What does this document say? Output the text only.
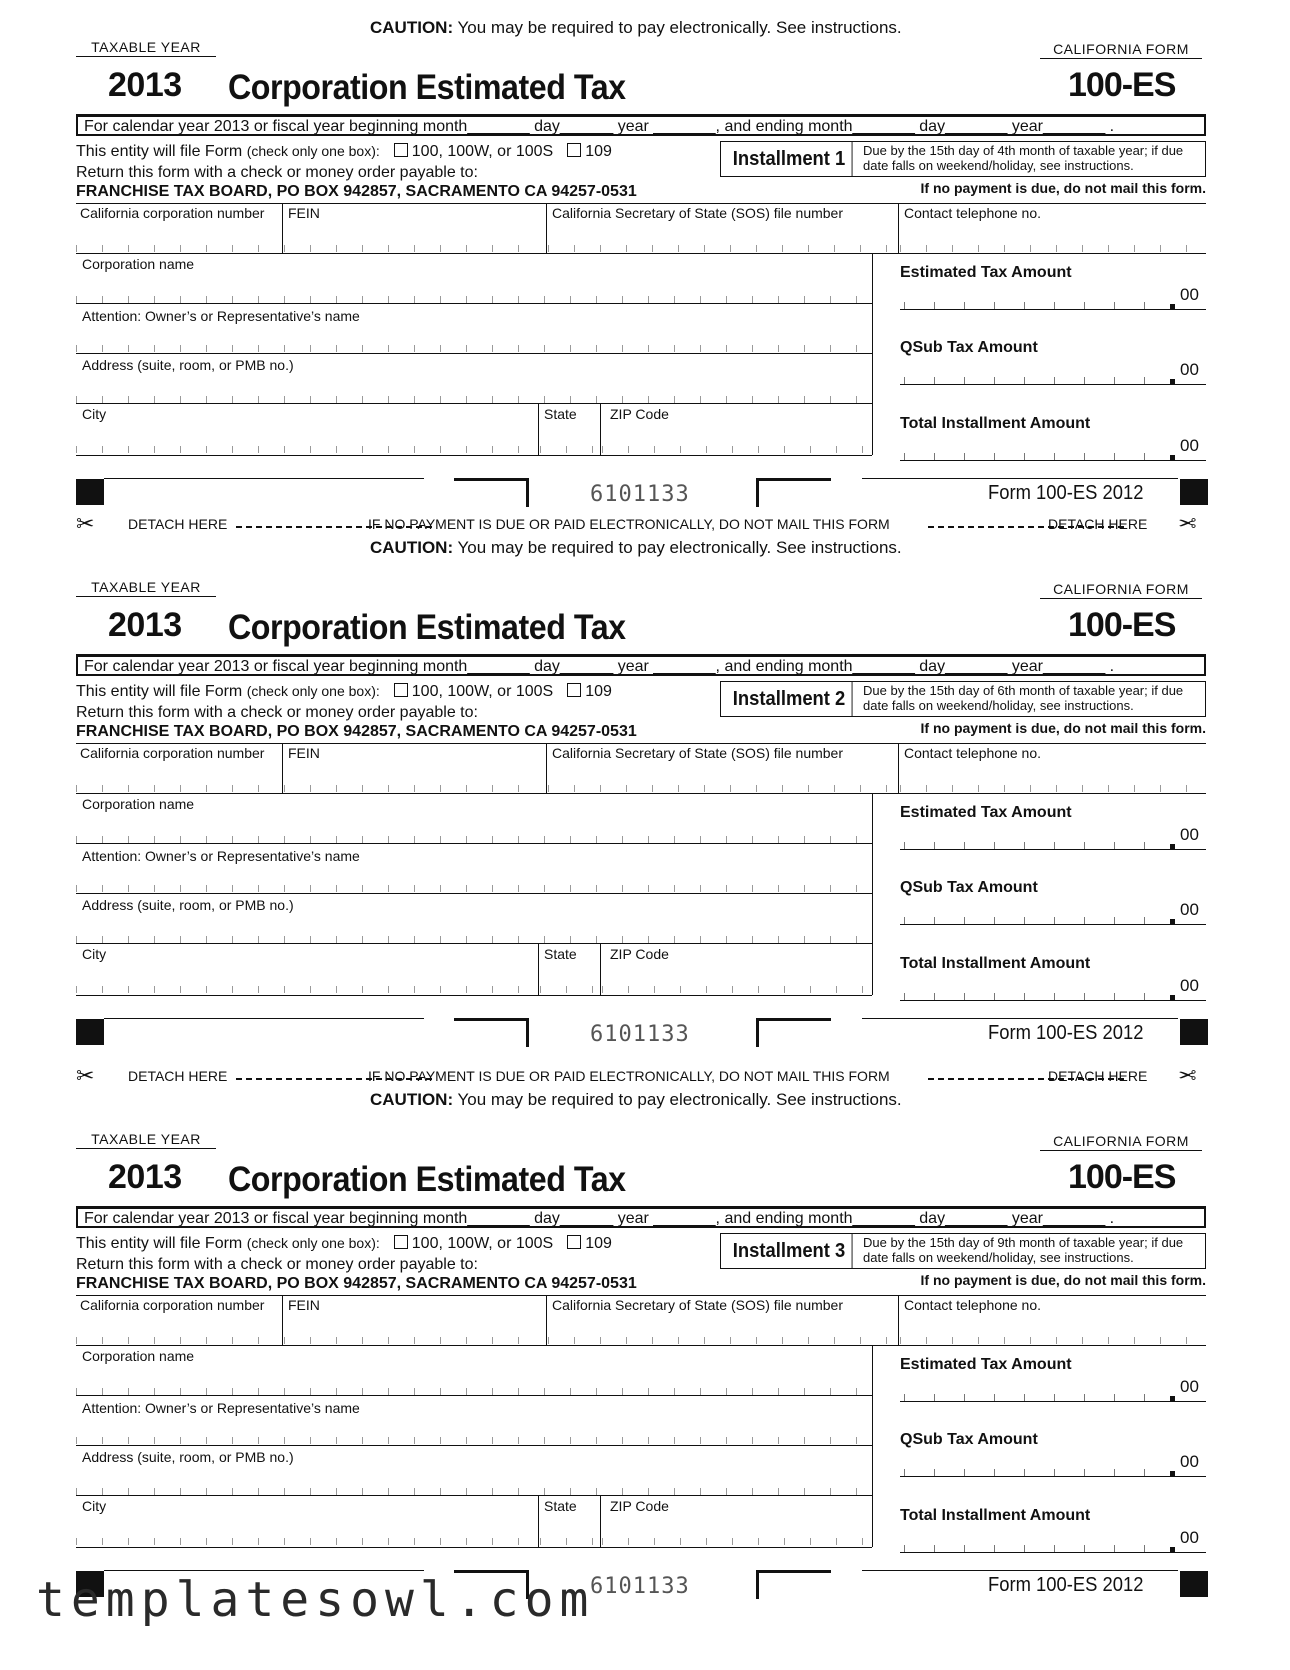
CAUTION: You may be required to pay electronically. See instructions.
TAXABLE YEAR	CALIFORNIA FORM
2013 Corporation Estimated Tax	100-ES
For calendar year 2013 or fiscal year beginning month_______ day______ year _______, and ending month_______ day_______ year_______ .
This entity will file Form (check only one box): 100, 100W, or 100S 109
Return this form with a check or money order payable to:
FRANCHISE TAX BOARD, PO BOX 942857, SACRAMENTO CA 94257-0531
Installment 1	Due by the 15th day of 4th month of taxable year; if due date falls on weekend/holiday, see instructions.
If no payment is due, do not mail this form.
California corporation number FEIN	California Secretary of State (SOS) file number	Contact telephone no.
Corporation name
Attention: Owner’s or Representative’s name
Address (suite, room, or PMB no.)
City	State ZIP Code
Estimated Tax Amount
00
QSub Tax Amount
00
Total Installment Amount
00
6101133	Form 100-ES 2012
CAUTION: You may be required to pay electronically. See instructions.
TAXABLE YEAR	CALIFORNIA FORM
2013 Corporation Estimated Tax	100-ES
For calendar year 2013 or fiscal year beginning month_______ day______ year _______, and ending month_______ day_______ year_______ .
This entity will file Form (check only one box): 100, 100W, or 100S 109
Return this form with a check or money order payable to:
FRANCHISE TAX BOARD, PO BOX 942857, SACRAMENTO CA 94257-0531
Installment 2	Due by the 15th day of 6th month of taxable year; if due date falls on weekend/holiday, see instructions.
If no payment is due, do not mail this form.
California corporation number FEIN	California Secretary of State (SOS) file number	Contact telephone no.
Corporation name
Attention: Owner’s or Representative’s name
Address (suite, room, or PMB no.)
City	State ZIP Code
Estimated Tax Amount
00
QSub Tax Amount
00
Total Installment Amount
00
6101133	Form 100-ES 2012
CAUTION: You may be required to pay electronically. See instructions.
TAXABLE YEAR	CALIFORNIA FORM
2013 Corporation Estimated Tax	100-ES
For calendar year 2013 or fiscal year beginning month_______ day______ year _______, and ending month_______ day_______ year_______ .
This entity will file Form (check only one box): 100, 100W, or 100S 109
Return this form with a check or money order payable to:
FRANCHISE TAX BOARD, PO BOX 942857, SACRAMENTO CA 94257-0531
Installment 3	Due by the 15th day of 9th month of taxable year; if due date falls on weekend/holiday, see instructions.
If no payment is due, do not mail this form.
California corporation number FEIN	California Secretary of State (SOS) file number	Contact telephone no.
Corporation name
Attention: Owner’s or Representative’s name
Address (suite, room, or PMB no.)
City	State ZIP Code
Estimated Tax Amount
00
QSub Tax Amount
00
Total Installment Amount
00
6101133	Form 100-ES 2012
✂ DETACH HERE	IF NO PAYMENT IS DUE OR PAID ELECTRONICALLY, DO NOT MAIL THIS FORM	DETACH HERE ✂
✂ DETACH HERE	IF NO PAYMENT IS DUE OR PAID ELECTRONICALLY, DO NOT MAIL THIS FORM	DETACH HERE ✂
templatesowl.com
